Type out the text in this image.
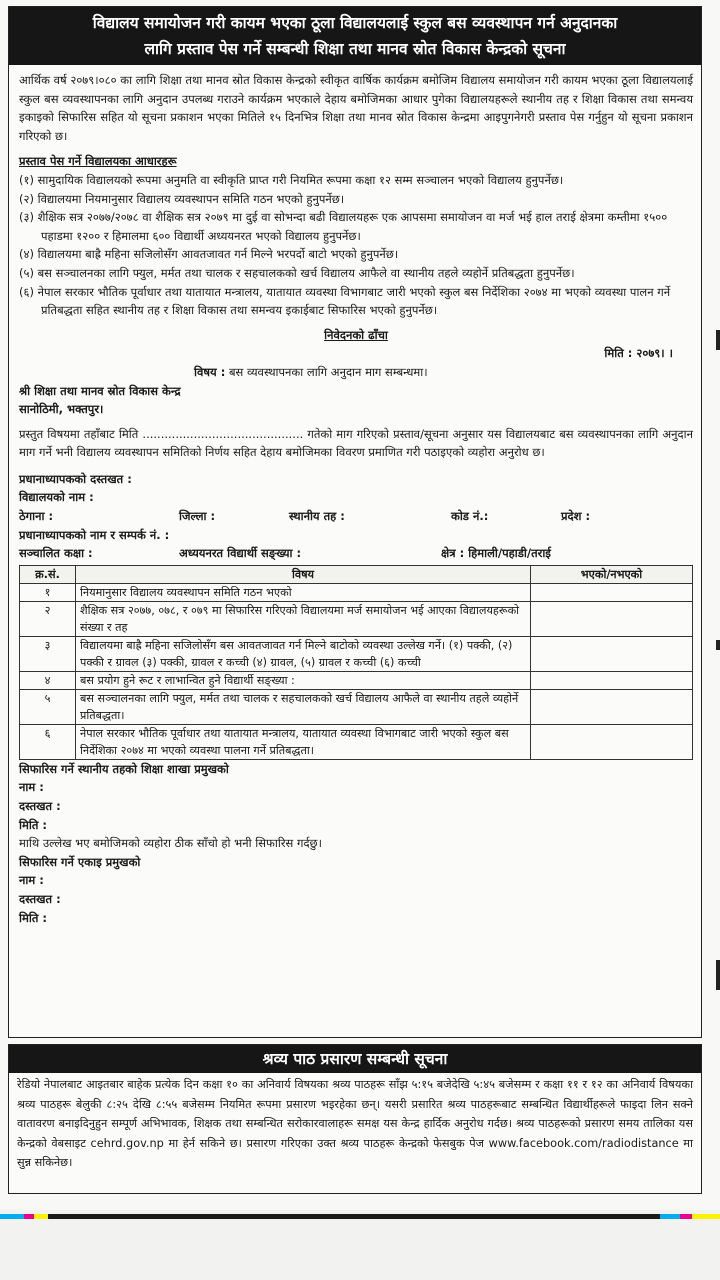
विद्यालय समायोजन गरी कायम भएका ठूला विद्यालयलाई स्कुल बस व्यवस्थापन गर्न अनुदानका
लागि प्रस्ताव पेस गर्ने सम्बन्धी शिक्षा तथा मानव स्रोत विकास केन्द्रको सूचना

आर्थिक वर्ष २०७९।०८० का लागि शिक्षा तथा मानव स्रोत विकास केन्द्रको स्वीकृत वार्षिक कार्यक्रम बमोजिम विद्यालय समायोजन गरी कायम भएका ठूला विद्यालयलाई स्कुल बस व्यवस्थापनका लागि अनुदान उपलब्ध गराउने कार्यक्रम भएकाले देहाय बमोजिमका आधार पुगेका विद्यालयहरूले स्थानीय तह र शिक्षा विकास तथा समन्वय इकाइको सिफारिस सहित यो सूचना प्रकाशन भएका मितिले १५ दिनभित्र शिक्षा तथा मानव स्रोत विकास केन्द्रमा आइपुगनेगरी प्रस्ताव पेस गर्नुहुन यो सूचना प्रकाशन गरिएको छ।

प्रस्ताव पेस गर्ने विद्यालयका आधारहरू

(१) सामुदायिक विद्यालयको रूपमा अनुमति वा स्वीकृति प्राप्त गरी नियमित रूपमा कक्षा १२ सम्म सञ्चालन भएको विद्यालय हुनुपर्नेछ।
(२) विद्यालयमा नियमानुसार विद्यालय व्यवस्थापन समिति गठन भएको हुनुपर्नेछ।
(३) शैक्षिक सत्र २०७७/२०७८ वा शैक्षिक सत्र २०७९ मा दुई वा सोभन्दा बढी विद्यालयहरू एक आपसमा समायोजन वा मर्ज भई हाल तराई क्षेत्रमा कम्तीमा १५०० पहाडमा १२०० र हिमालमा ६०० विद्यार्थी अध्ययनरत भएको विद्यालय हुनुपर्नेछ।
(४) विद्यालयमा बाह्रै महिना सजिलोसँग आवतजावत गर्न मिल्ने भरपर्दो बाटो भएको हुनुपर्नेछ।
(५) बस सञ्चालनका लागि फ्युल, मर्मत तथा चालक र सहचालकको खर्च विद्यालय आफैले वा स्थानीय तहले व्यहोर्ने प्रतिबद्धता हुनुपर्नेछ।
(६) नेपाल सरकार भौतिक पूर्वाधार तथा यातायात मन्त्रालय, यातायात व्यवस्था विभागबाट जारी भएको स्कुल बस निर्देशिका २०७४ मा भएको व्यवस्था पालन गर्ने प्रतिबद्धता सहित स्थानीय तह र शिक्षा विकास तथा समन्वय इकाईबाट सिफारिस भएको हुनुपर्नेछ।

निवेदनको ढाँचा

मिति : २०७९। ।

विषय : बस व्यवस्थापनका लागि अनुदान माग सम्बन्धमा।

श्री शिक्षा तथा मानव स्रोत विकास केन्द्र

सानोठिमी, भक्तपुर।

प्रस्तुत विषयमा तहाँबाट मिति ............................................ गतेको माग गरिएको प्रस्ताव/सूचना अनुसार यस विद्यालयबाट बस व्यवस्थापनका लागि अनुदान माग गर्ने भनी विद्यालय व्यवस्थापन समितिको निर्णय सहित देहाय बमोजिमका विवरण प्रमाणित गरी पठाइएको व्यहोरा अनुरोध छ।

प्रधानाध्यापकको दस्तखत :

विद्यालयको नाम :

ठेगाना :	जिल्ला :	स्थानीय तह :	कोड नं.:	प्रदेश :

प्रधानाध्यापकको नाम र सम्पर्क नं. :

सञ्चालित कक्षा :	अध्ययनरत विद्यार्थी सङ्ख्या :	क्षेत्र : हिमाली/पहाडी/तराई
क्र.सं.	विषय	भएको/नभएको
१	नियमानुसार विद्यालय व्यवस्थापन समिति गठन भएको	
२	शैक्षिक सत्र २०७७, ०७८, र ०७९ मा सिफारिस गरिएको विद्यालयमा मर्ज समायोजन भई आएका विद्यालयहरूको संख्या र तह	
३	विद्यालयमा बाह्रै महिना सजिलोसँग बस आवतजावत गर्न मिल्ने बाटोको व्यवस्था उल्लेख गर्ने। (१) पक्की, (२) पक्की र ग्रावल (३) पक्की, ग्रावल र कच्ची (४) ग्रावल, (५) ग्रावल र कच्ची (६) कच्ची	
४	बस प्रयोग हुने रूट र लाभान्वित हुने विद्यार्थी सङ्ख्या :	
५	बस सञ्चालनका लागि फ्युल, मर्मत तथा चालक र सहचालकको खर्च विद्यालय आफैले वा स्थानीय तहले व्यहोर्ने प्रतिबद्धता।	
६	नेपाल सरकार भौतिक पूर्वाधार तथा यातायात मन्त्रालय, यातायात व्यवस्था विभागबाट जारी भएको स्कुल बस निर्देशिका २०७४ मा भएको व्यवस्था पालना गर्ने प्रतिबद्धता।	

सिफारिस गर्ने स्थानीय तहको शिक्षा शाखा प्रमुखको

नाम :

दस्तखत :

मिति :

माथि उल्लेख भए बमोजिमको व्यहोरा ठीक साँचो हो भनी सिफारिस गर्दछु।

सिफारिस गर्ने एकाइ प्रमुखको

नाम :

दस्तखत :

मिति :

श्रव्य पाठ प्रसारण सम्बन्धी सूचना

रेडियो नेपालबाट आइतबार बाहेक प्रत्येक दिन कक्षा १० का अनिवार्य विषयका श्रव्य पाठहरू साँझ ५:१५ बजेदेखि ५:४५ बजेसम्म र कक्षा ११ र १२ का अनिवार्य विषयका श्रव्य पाठहरू बेलुकी ८:२५ देखि ८:५५ बजेसम्म नियमित रूपमा प्रसारण भइरहेका छन्। यसरी प्रसारित श्रव्य पाठहरूबाट सम्बन्धित विद्यार्थीहरूले फाइदा लिन सक्ने वातावरण बनाइदिनुहुन सम्पूर्ण अभिभावक, शिक्षक तथा सम्बन्धित सरोकारवालाहरू समक्ष यस केन्द्र हार्दिक अनुरोध गर्दछ। श्रव्य पाठहरूको प्रसारण समय तालिका यस केन्द्रको वेबसाइट cehrd.gov.np मा हेर्न सकिने छ। प्रसारण गरिएका उक्त श्रव्य पाठहरू केन्द्रको फेसबुक पेज www.facebook.com/radiodistance मा सुन्न सकिनेछ।
